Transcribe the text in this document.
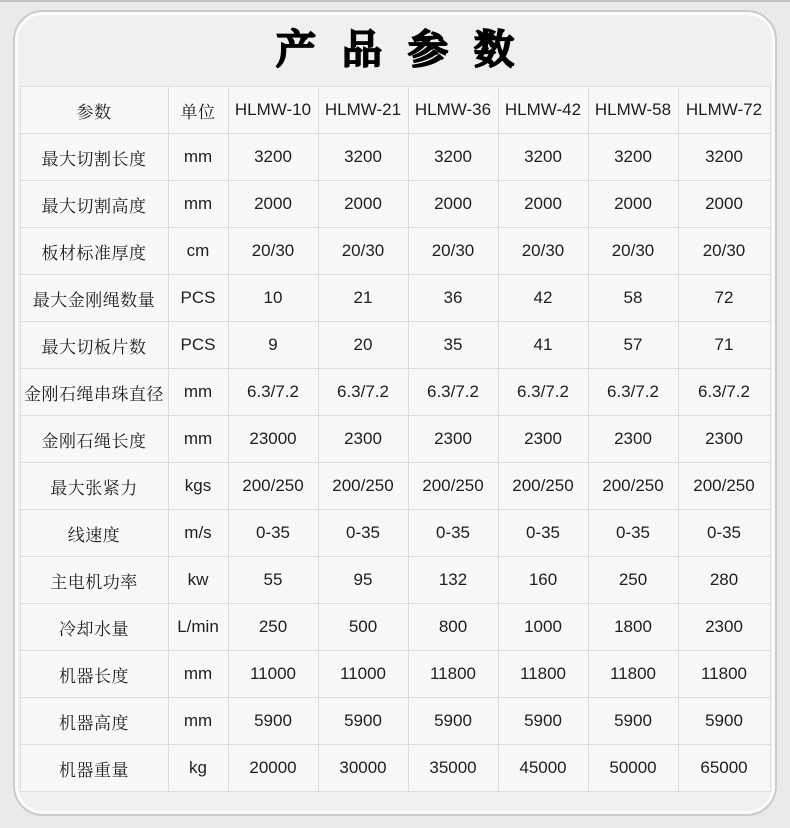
产品参数
参数	单位	HLMW-10	HLMW-21	HLMW-36	HLMW-42	HLMW-58	HLMW-72
最大切割长度	mm	3200	3200	3200	3200	3200	3200
最大切割高度	mm	2000	2000	2000	2000	2000	2000
板材标准厚度	cm	20/30	20/30	20/30	20/30	20/30	20/30
最大金刚绳数量	PCS	10	21	36	42	58	72
最大切板片数	PCS	9	20	35	41	57	71
金刚石绳串珠直径	mm	6.3/7.2	6.3/7.2	6.3/7.2	6.3/7.2	6.3/7.2	6.3/7.2
金刚石绳长度	mm	23000	2300	2300	2300	2300	2300
最大张紧力	kgs	200/250	200/250	200/250	200/250	200/250	200/250
线速度	m/s	0-35	0-35	0-35	0-35	0-35	0-35
主电机功率	kw	55	95	132	160	250	280
冷却水量	L/min	250	500	800	1000	1800	2300
机器长度	mm	11000	11000	11800	11800	11800	11800
机器高度	mm	5900	5900	5900	5900	5900	5900
机器重量	kg	20000	30000	35000	45000	50000	65000
